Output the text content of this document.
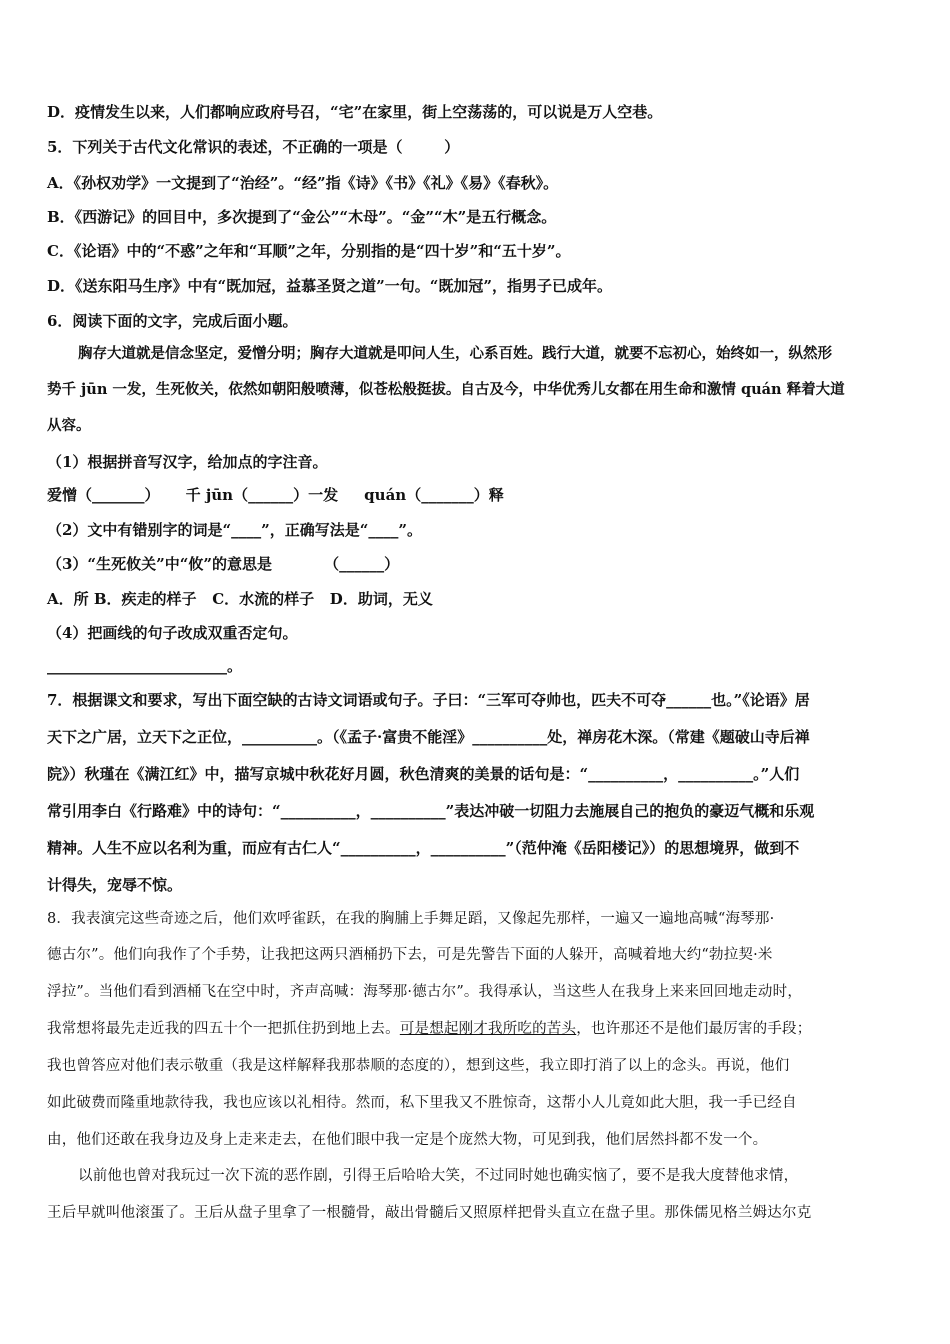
D．疫情发生以来，人们都响应政府号召，“宅”在家里，街上空荡荡的，可以说是万人空巷。
5．下列关于古代文化常识的表述，不正确的一项是（        ）
A．《孙权劝学》一文提到了“治经”。“经”指《诗》《书》《礼》《易》《春秋》。
B．《西游记》的回目中，多次提到了“金公”“木母”。“金”“木”是五行概念。
C．《论语》中的“不惑”之年和“耳顺”之年，分别指的是“四十岁”和“五十岁”。
D．《送东阳马生序》中有“既加冠，益慕圣贤之道”一句。“既加冠”，指男子已成年。
6．阅读下面的文字，完成后面小题。
胸存大道就是信念坚定，爱憎分明；胸存大道就是叩问人生，心系百姓。践行大道，就要不忘初心，始终如一，纵然形
势千 jūn 一发，生死攸关，依然如朝阳般喷薄，似苍松般挺拔。自古及今，中华优秀儿女都在用生命和激情 quán 释着大道
从容。
（1）根据拼音写汉字，给加点的字注音。
爱憎（_______）     千 jūn（______）一发     quán（_______）释
（2）文中有错别字的词是“____”，正确写法是“____”。
（3）“生死攸关”中“攸”的意思是          （______）
A．所 B．疾走的样子   C．水流的样子   D．助词，无义
（4）把画线的句子改成双重否定句。
________________________。
7．根据课文和要求，写出下面空缺的古诗文词语或句子。子曰：“三军可夺帅也，匹夫不可夺______也。”《论语》居
天下之广居，立天下之正位，__________。（《孟子·富贵不能淫》__________处，禅房花木深。（常建《题破山寺后禅
院》）秋瑾在《满江红》中，描写京城中秋花好月圆，秋色清爽的美景的话句是：“__________，__________。”人们
常引用李白《行路难》中的诗句：“__________，__________”表达冲破一切阻力去施展自己的抱负的豪迈气概和乐观
精神。人生不应以名利为重，而应有古仁人“__________，__________”（范仲淹《岳阳楼记》）的思想境界，做到不
计得失，宠辱不惊。
8．我表演完这些奇迹之后，他们欢呼雀跃，在我的胸脯上手舞足蹈，又像起先那样，一遍又一遍地高喊“海琴那·
德古尔”。他们向我作了个手势，让我把这两只酒桶扔下去，可是先警告下面的人躲开，高喊着地大约“勃拉契·米
浮拉”。当他们看到酒桶飞在空中时，齐声高喊：海琴那·德古尔”。我得承认，当这些人在我身上来来回回地走动时，
我常想将最先走近我的四五十个一把抓住扔到地上去。可是想起刚才我所吃的苦头，也许那还不是他们最厉害的手段；
我也曾答应对他们表示敬重（我是这样解释我那恭顺的态度的），想到这些，我立即打消了以上的念头。再说，他们
如此破费而隆重地款待我，我也应该以礼相待。然而，私下里我又不胜惊奇，这帮小人儿竟如此大胆，我一手已经自
由，他们还敢在我身边及身上走来走去，在他们眼中我一定是个庞然大物，可见到我，他们居然抖都不发一个。
以前他也曾对我玩过一次下流的恶作剧，引得王后哈哈大笑，不过同时她也确实恼了，要不是我大度替他求情，
王后早就叫他滚蛋了。王后从盘子里拿了一根髓骨，敲出骨髓后又照原样把骨头直立在盘子里。那侏儒见格兰姆达尔克
